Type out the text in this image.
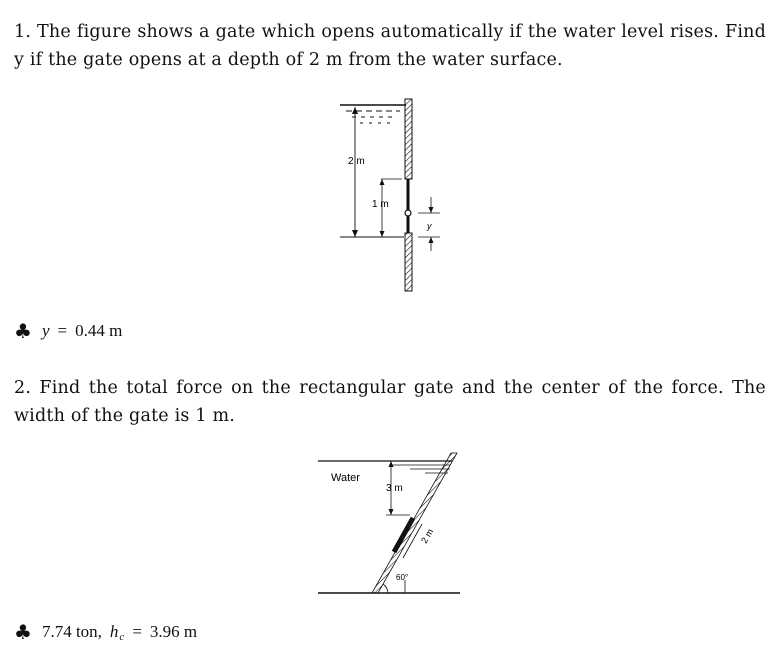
1. The figure shows a gate which opens automatically if the water level rises. Find y if the gate opens at a depth of 2 m from the water surface.

2 m
1 m
y
♣ y = 0.44 m

2. Find the total force on the rectangular gate and the center of the force. The width of the gate is 1 m.

3 m
Water
2 m
60°
♣ 7.74 ton, h c = 3.96 m
